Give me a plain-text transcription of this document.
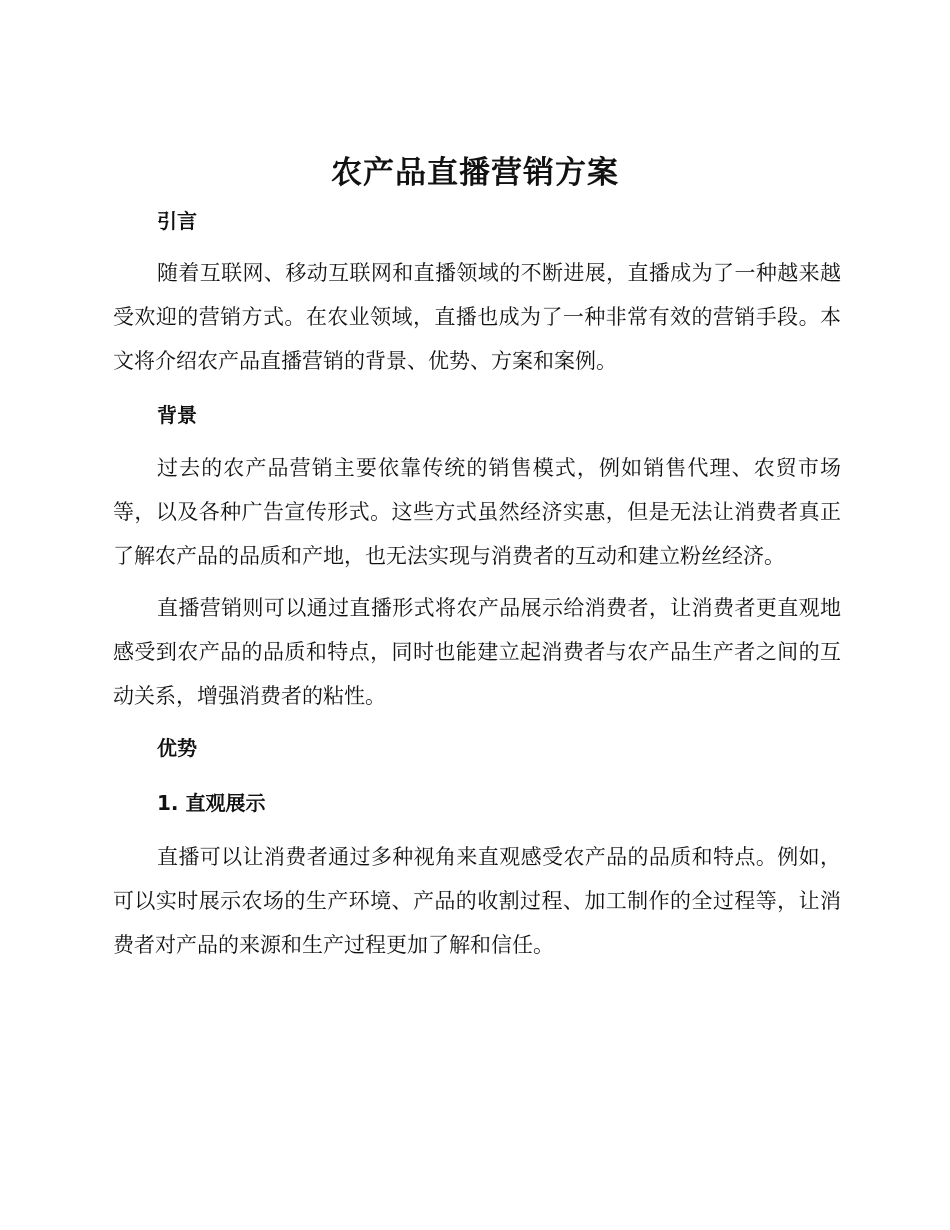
农产品直播营销方案
引言

随着互联网、移动互联网和直播领域的不断进展，直播成为了一种越来越受欢迎的营销方式。在农业领域，直播也成为了一种非常有效的营销手段。本文将介绍农产品直播营销的背景、优势、方案和案例。

背景

过去的农产品营销主要依靠传统的销售模式，例如销售代理、农贸市场等，以及各种广告宣传形式。这些方式虽然经济实惠，但是无法让消费者真正了解农产品的品质和产地，也无法实现与消费者的互动和建立粉丝经济。

直播营销则可以通过直播形式将农产品展示给消费者，让消费者更直观地感受到农产品的品质和特点，同时也能建立起消费者与农产品生产者之间的互动关系，增强消费者的粘性。

优势
1. 直观展示

直播可以让消费者通过多种视角来直观感受农产品的品质和特点。例如，可以实时展示农场的生产环境、产品的收割过程、加工制作的全过程等，让消费者对产品的来源和生产过程更加了解和信任。
